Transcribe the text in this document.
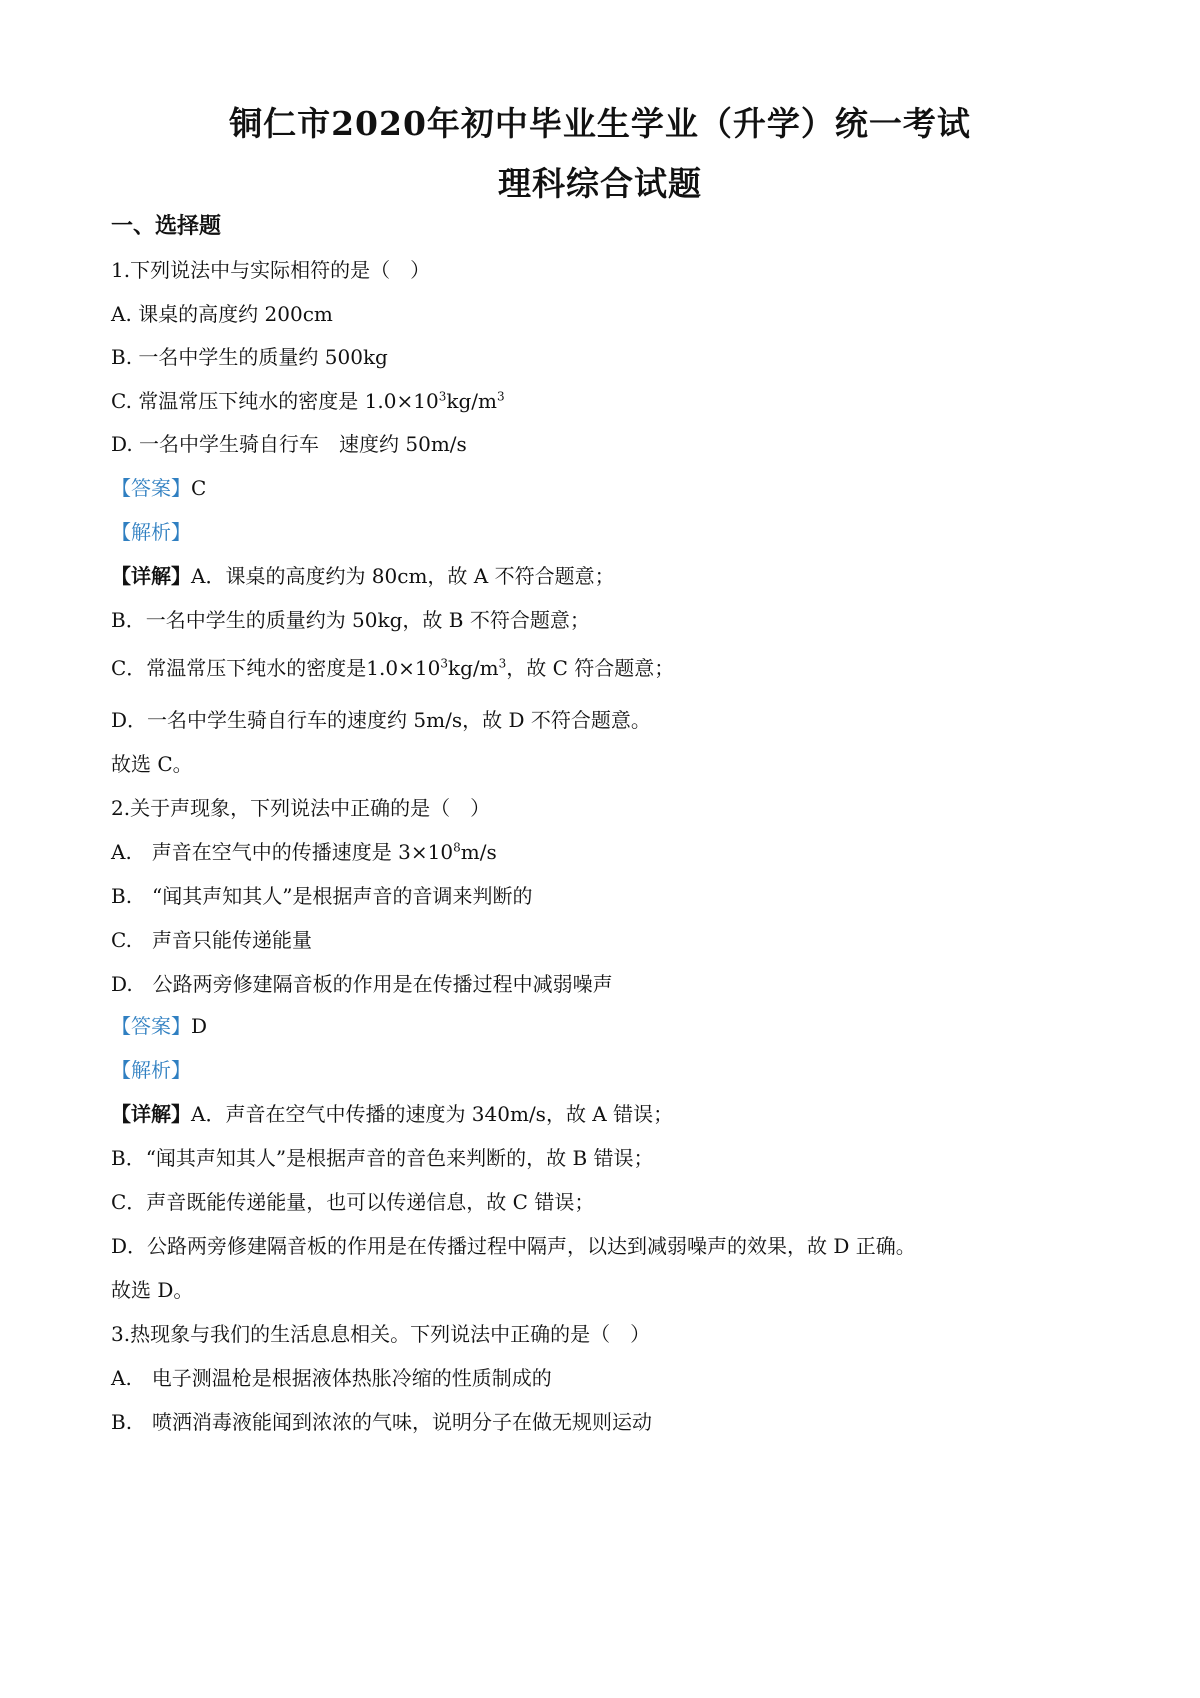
铜仁市2020年初中毕业生学业（升学）统一考试
理科综合试题
一、选择题
1.下列说法中与实际相符的是（　）
A. 课桌的高度约 200cm
B. 一名中学生的质量约 500kg
C. 常温常压下纯水的密度是 $1.0\times 10^3kg/m^3$
D. 一名中学生骑自行车　速度约 50m/s
【答案】C
【解析】
【详解】A．课桌的高度约为 80cm，故 A 不符合题意；
B．一名中学生的质量约为 50kg，故 B 不符合题意；
C．常温常压下纯水的密度是$1.0\times 10^3kg/m^3$，故 C 符合题意；
D．一名中学生骑自行车的速度约 5m/s，故 D 不符合题意。
故选 C。
2.关于声现象，下列说法中正确的是（　）
A.　声音在空气中的传播速度是 $3\times 10^8m/s$
B.　“闻其声知其人”是根据声音的音调来判断的
C.　声音只能传递能量
D.　公路两旁修建隔音板的作用是在传播过程中减弱噪声
【答案】D
【解析】
【详解】A．声音在空气中传播的速度为 340m/s，故 A 错误；
B．“闻其声知其人”是根据声音的音色来判断的，故 B 错误；
C．声音既能传递能量，也可以传递信息，故 C 错误；
D．公路两旁修建隔音板的作用是在传播过程中隔声，以达到减弱噪声的效果，故 D 正确。
故选 D。
3.热现象与我们的生活息息相关。下列说法中正确的是（　）
A.　电子测温枪是根据液体热胀冷缩的性质制成的
B.　喷洒消毒液能闻到浓浓的气味，说明分子在做无规则运动
